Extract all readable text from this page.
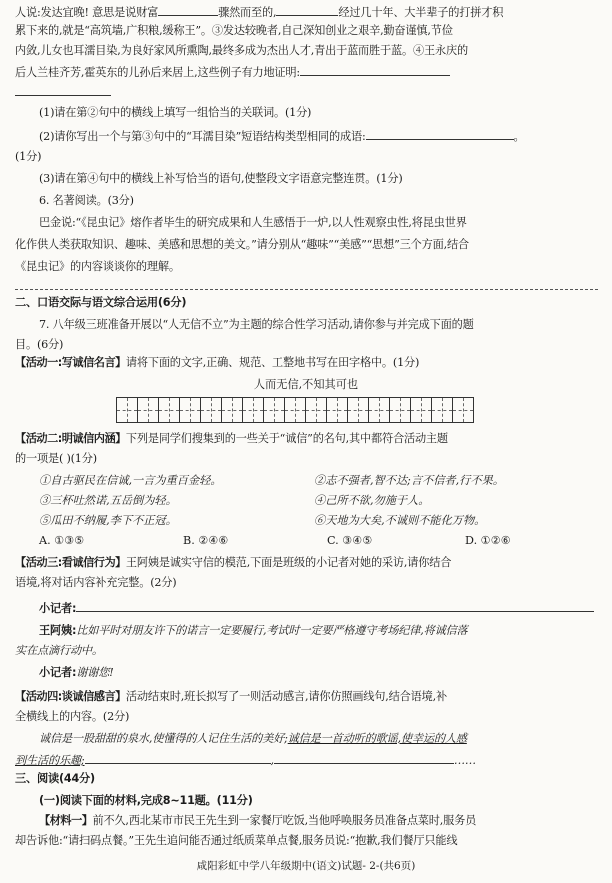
人说:发达宜晚! 意思是说财富	骤然而至的,	经过几十年、大半辈子的打拼才积
累下来的,就是“高筑墙,广积粮,缓称王”。③发达较晚者,自己深知创业之艰辛,勤奋谨慎,节俭
内敛,儿女也耳濡目染,为良好家风所熏陶,最终多成为杰出人才,青出于蓝而胜于蓝。④王永庆的
后人兰桂齐芳,霍英东的儿孙后来居上,这些例子有力地证明:
(1)请在第②句中的横线上填写一组恰当的关联词。(1分)
(2)请你写出一个与第③句中的“耳濡目染”短语结构类型相同的成语:	。
(1分)
(3)请在第④句中的横线上补写恰当的语句,使整段文字语意完整连贯。(1分)
6. 名著阅读。(3分)
巴金说:“《昆虫记》熔作者毕生的研究成果和人生感悟于一炉,以人性观察虫性,将昆虫世界
化作供人类获取知识、趣味、美感和思想的美文。”请分别从“趣味”“美感”“思想”三个方面,结合
《昆虫记》的内容谈谈你的理解。
二、口语交际与语文综合运用(6分)
7. 八年级三班准备开展以“人无信不立”为主题的综合性学习活动,请你参与并完成下面的题
目。(6分)
【活动一:写诚信名言】请将下面的文字,正确、规范、工整地书写在田字格中。(1分)
人而无信,不知其可也
【活动二:明诚信内涵】下列是同学们搜集到的一些关于“诚信”的名句,其中都符合活动主题
的一项是( )(1分)
①自古驱民在信诚,一言为重百金轻。	②志不强者,智不达;言不信者,行不果。
③三杯吐然诺,五岳倒为轻。	④己所不欲,勿施于人。
⑤瓜田不纳履,李下不正冠。	⑥天地为大矣,不诚则不能化万物。
A. ①③⑤	B. ②④⑥	C. ③④⑤	D. ①②⑥
【活动三:看诚信行为】王阿姨是诚实守信的模范,下面是班级的小记者对她的采访,请你结合
语境,将对话内容补充完整。(2分)
小记者:
王阿姨:比如平时对朋友许下的诺言一定要履行,考试时一定要严格遵守考场纪律,将诚信落
实在点滴行动中。
小记者:谢谢您!
【活动四:谈诚信感言】活动结束时,班长拟写了一则活动感言,请你仿照画线句,结合语境,补
全横线上的内容。(2分)
诚信是一股甜甜的泉水,使懂得的人记住生活的美好;诚信是一首动听的歌谣,使幸运的人感
到生活的乐趣;	,	……
三、阅读(44分)
(一)阅读下面的材料,完成8~11题。(11分)
【材料一】前不久,西北某市市民王先生到一家餐厅吃饭,当他呼唤服务员准备点菜时,服务员
却告诉他:“请扫码点餐。”王先生追问能否通过纸质菜单点餐,服务员说:“抱歉,我们餐厅只能线
咸阳彩虹中学八年级期中(语文)试题- 2-(共6页)
